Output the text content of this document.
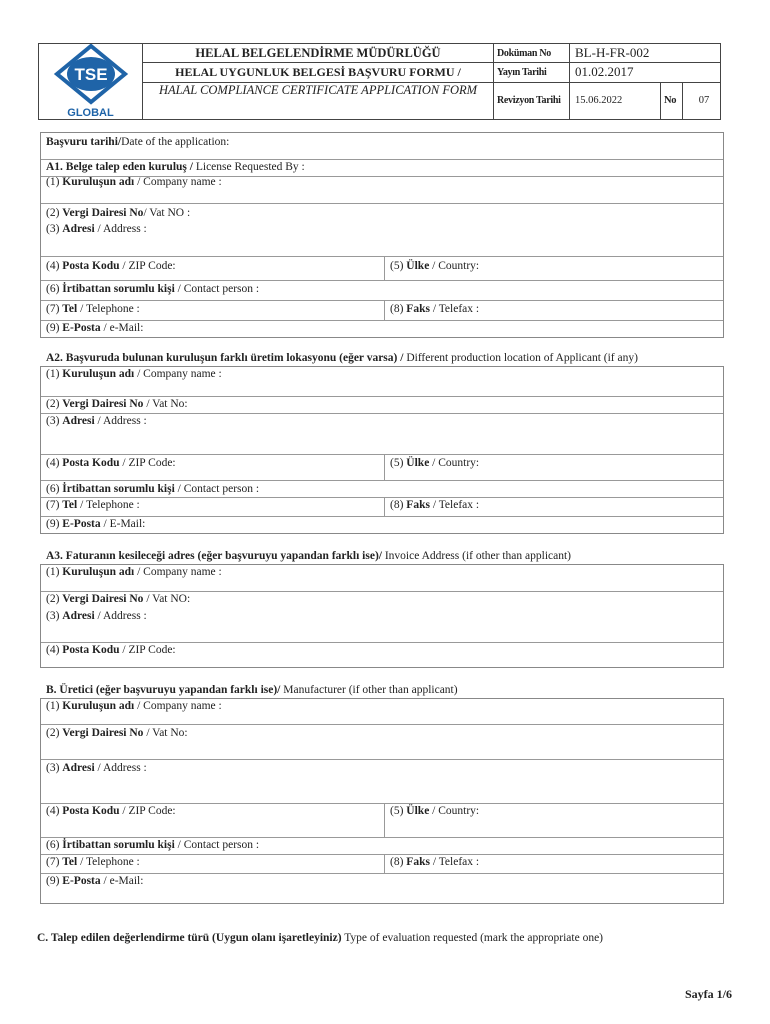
TSE
GLOBAL	HELAL BELGELENDİRME MÜDÜRLÜĞÜ	Doküman No	BL-H-FR-002		
	HELAL UYGUNLUK BELGESİ BAŞVURU FORMU /	Yayın Tarihi	01.02.2017		
	HALAL COMPLIANCE CERTIFICATE APPLICATION FORM	Revizyon Tarihi	15.06.2022	No	07
Başvuru tarihi/Date of the application:
A1. Belge talep eden kuruluş / License Requested By :
(1) Kuruluşun adı / Company name :
(2) Vergi Dairesi No/ Vat NO :
(3) Adresi / Address :
(4) Posta Kodu / ZIP Code:	(5) Ülke / Country:
(6) İrtibattan sorumlu kişi / Contact person :
(7) Tel / Telephone :	(8) Faks / Telefax :
(9) E-Posta / e-Mail:
A2. Başvuruda bulunan kuruluşun farklı üretim lokasyonu (eğer varsa) / Different production location of Applicant (if any)
(1) Kuruluşun adı / Company name :
(2) Vergi Dairesi No / Vat No:
(3) Adresi / Address :
(4) Posta Kodu / ZIP Code:	(5) Ülke / Country:
(6) İrtibattan sorumlu kişi / Contact person :
(7) Tel / Telephone :	(8) Faks / Telefax :
(9) E-Posta / E-Mail:
A3. Faturanın kesileceği adres (eğer başvuruyu yapandan farklı ise)/ Invoice Address (if other than applicant)
(1) Kuruluşun adı / Company name :
(2) Vergi Dairesi No / Vat NO:
(3) Adresi / Address :
(4) Posta Kodu / ZIP Code:
B. Üretici (eğer başvuruyu yapandan farklı ise)/ Manufacturer (if other than applicant)
(1) Kuruluşun adı / Company name :
(2) Vergi Dairesi No / Vat No:
(3) Adresi / Address :
(4) Posta Kodu / ZIP Code:	(5) Ülke / Country:
(6) İrtibattan sorumlu kişi / Contact person :
(7) Tel / Telephone :	(8) Faks / Telefax :
(9) E-Posta / e-Mail:
C. Talep edilen değerlendirme türü (Uygun olanı işaretleyiniz) Type of evaluation requested (mark the appropriate one)
Sayfa 1/6
